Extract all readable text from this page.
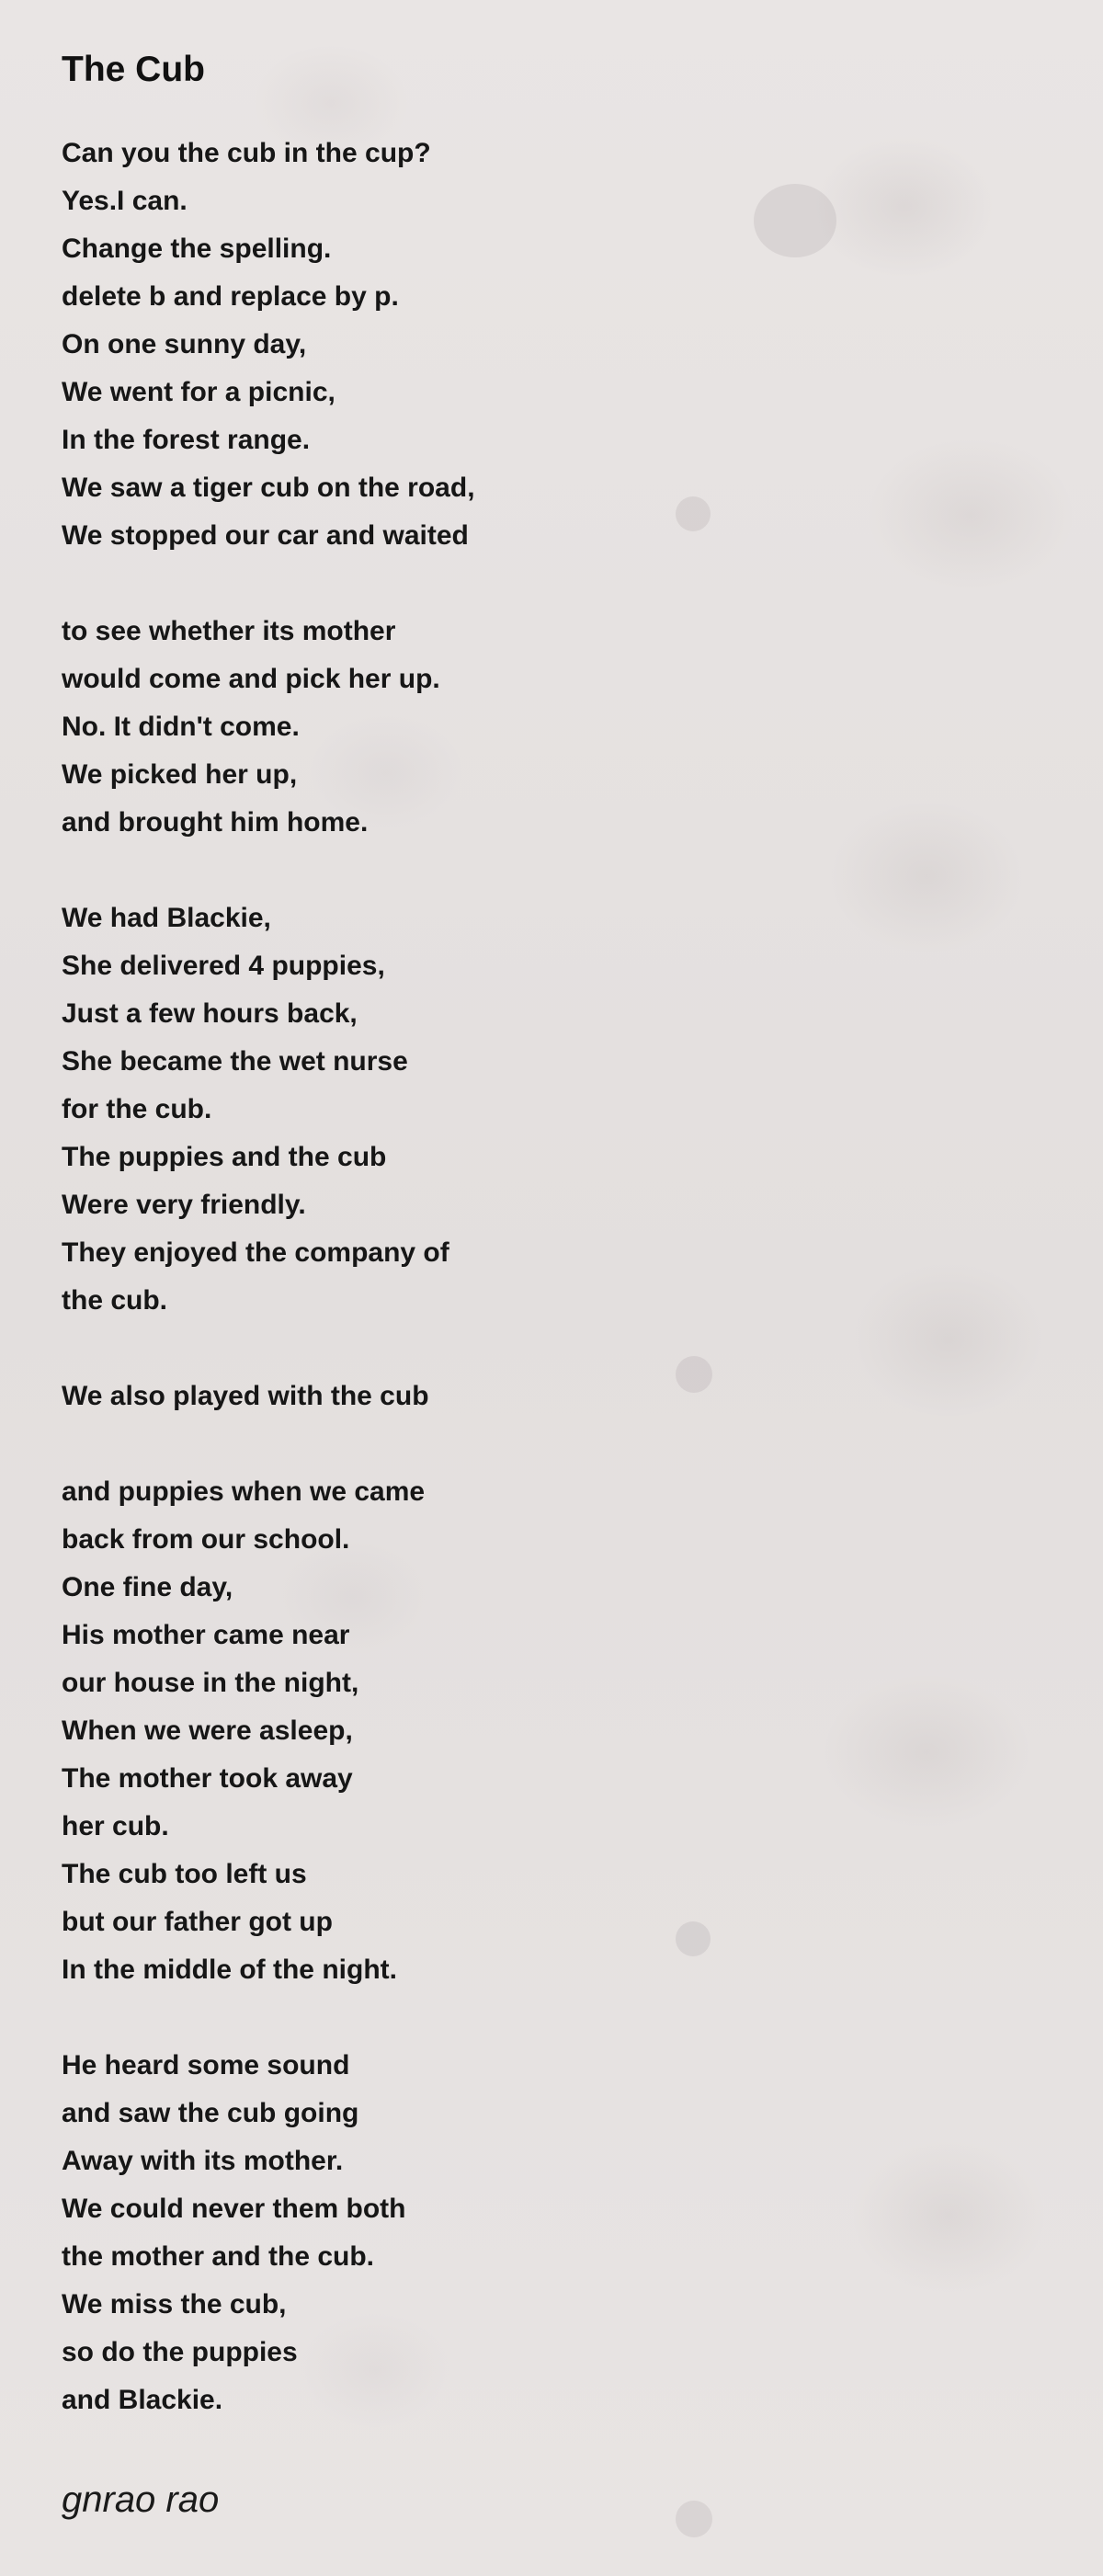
The Cub
Can you the cub in the cup?
Yes.I can.
Change the spelling.
delete b and replace by p.
On one sunny day,
We went for a picnic,
In the forest range.
We saw a tiger cub on the road,
We stopped our car and waited
to see whether its mother
would come and pick her up.
No. It didn't come.
We picked her up,
and brought him home.
We had Blackie,
She delivered 4 puppies,
Just a few hours back,
She became the wet nurse
for the cub.
The puppies and the cub
Were very friendly.
They enjoyed the company of
the cub.
We also played with the cub
and puppies when we came
back from our school.
One fine day,
His mother came near
our house in the night,
When we were asleep,
The mother took away
her cub.
The cub too left us
but our father got up
In the middle of the night.
He heard some sound
and saw the cub going
Away with its mother.
We could never them both
the mother and the cub.
We miss the cub,
so do the puppies
and Blackie.
gnrao rao
